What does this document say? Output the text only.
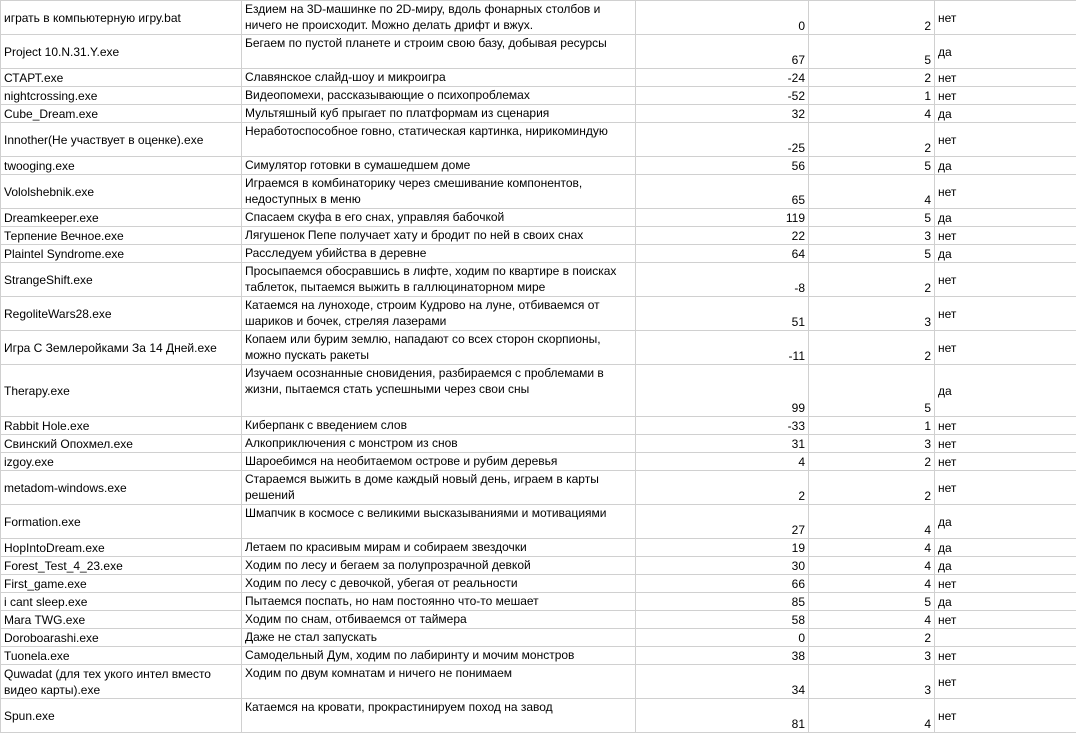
играть в компьютерную игру.bat	Ездием на 3D-машинке по 2D-миру, вдоль фонарных столбов и ничего не происходит. Можно делать дрифт и вжух.	0	2	нет
Project 10.N.31.Y.exe	Бегаем по пустой планете и строим свою базу, добывая ресурсы	67	5	да
СТАРТ.exe	Славянское слайд-шоу и микроигра	-24	2	нет
nightcrossing.exe	Видеопомехи, рассказывающие о психопроблемах	-52	1	нет
Cube_Dream.exe	Мультяшный куб прыгает по платформам из сценария	32	4	да
Innother(Не участвует в оценке).exe	Неработоспособное говно, статическая картинка, нирикоминдую	-25	2	нет
twooging.exe	Симулятор готовки в сумашедшем доме	56	5	да
Vololshebnik.exe	Играемся в комбинаторику через смешивание компонентов, недоступных в меню	65	4	нет
Dreamkeeper.exe	Спасаем скуфа в его снах, управляя бабочкой	119	5	да
Терпение Вечное.exe	Лягушенок Пепе получает хату и бродит по ней в своих снах	22	3	нет
Plaintel Syndrome.exe	Расследуем убийства в деревне	64	5	да
StrangeShift.exe	Просыпаемся обосравшись в лифте, ходим по квартире в поисках таблеток, пытаемся выжить в галлюцинаторном мире	-8	2	нет
RegoliteWars28.exe	Катаемся на луноходе, строим Кудрово на луне, отбиваемся от шариков и бочек, стреляя лазерами	51	3	нет
Игра С Землеройками За 14 Дней.exe	Копаем или бурим землю, нападают со всех сторон скорпионы, можно пускать ракеты	-11	2	нет
Therapy.exe	Изучаем осознанные сновидения, разбираемся с проблемами в жизни, пытаемся стать успешными через свои сны	99	5	да
Rabbit Hole.exe	Киберпанк с введением слов	-33	1	нет
Свинский Опохмел.exe	Алкоприключения с монстром из снов	31	3	нет
izgoy.exe	Шароебимся на необитаемом острове и рубим деревья	4	2	нет
metadom-windows.exe	Стараемся выжить в доме каждый новый день, играем в карты решений	2	2	нет
Formation.exe	Шмапчик в космосе с великими высказываниями и мотивациями	27	4	да
HopIntoDream.exe	Летаем по красивым мирам и собираем звездочки	19	4	да
Forest_Test_4_23.exe	Ходим по лесу и бегаем за полупрозрачной девкой	30	4	да
First_game.exe	Ходим по лесу с девочкой, убегая от реальности	66	4	нет
i cant sleep.exe	Пытаемся поспать, но нам постоянно что-то мешает	85	5	да
Mara TWG.exe	Ходим по снам, отбиваемся от таймера	58	4	нет
Doroboarashi.exe	Даже не стал запускать	0	2	
Tuonela.exe	Самодельный Дум, ходим по лабиринту и мочим монстров	38	3	нет
Quwadat (для тех укого интел вместо видео карты).exe	Ходим по двум комнатам и ничего не понимаем	34	3	нет
Spun.exe	Катаемся на кровати, прокрастинируем поход на завод	81	4	нет
